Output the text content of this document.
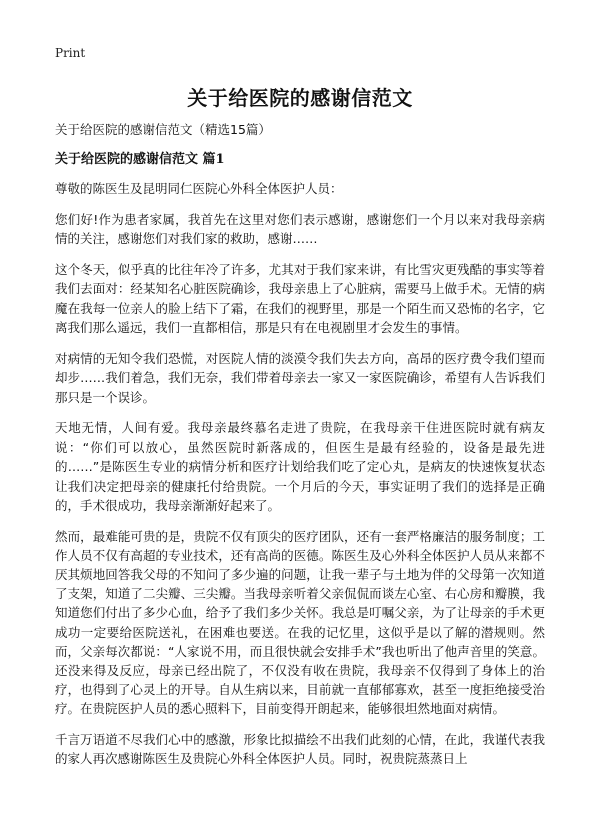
Print
关于给医院的感谢信范文
关于给医院的感谢信范文（精选15篇）
关于给医院的感谢信范文 篇1

尊敬的陈医生及昆明同仁医院心外科全体医护人员：

您们好!作为患者家属，我首先在这里对您们表示感谢，感谢您们一个月以来对我母亲病情的关注，感谢您们对我们家的救助，感谢……

这个冬天，似乎真的比往年冷了许多，尤其对于我们家来讲，有比雪灾更残酷的事实等着我们去面对：经某知名心脏医院确诊，我母亲患上了心脏病，需要马上做手术。无情的病魔在我每一位亲人的脸上结下了霜，在我们的视野里，那是一个陌生而又恐怖的名字，它离我们那么遥远，我们一直都相信，那是只有在电视剧里才会发生的事情。

对病情的无知令我们恐慌，对医院人情的淡漠令我们失去方向，高昂的医疗费令我们望而却步……我们着急，我们无奈，我们带着母亲去一家又一家医院确诊，希望有人告诉我们那只是一个误诊。

天地无情，人间有爱。我母亲最终慕名走进了贵院，在我母亲干住进医院时就有病友说：“你们可以放心，虽然医院时新落成的，但医生是最有经验的，设备是最先进的……”是陈医生专业的病情分析和医疗计划给我们吃了定心丸，是病友的快速恢复状态让我们决定把母亲的健康托付给贵院。一个月后的今天，事实证明了我们的选择是正确的，手术很成功，我母亲渐渐好起来了。

然而，最难能可贵的是，贵院不仅有顶尖的医疗团队，还有一套严格廉洁的服务制度；工作人员不仅有高超的专业技术，还有高尚的医德。陈医生及心外科全体医护人员从来都不厌其烦地回答我父母的不知问了多少遍的问题，让我一辈子与土地为伴的父母第一次知道了支架，知道了二尖瓣、三尖瓣。当我母亲听着父亲侃侃而谈左心室、右心房和瓣膜，我知道您们付出了多少心血，给予了我们多少关怀。我总是叮嘱父亲，为了让母亲的手术更成功一定要给医院送礼，在困难也要送。在我的记忆里，这似乎是以了解的潜规则。然而，父亲每次都说：“人家说不用，而且很快就会安排手术”我也听出了他声音里的笑意。还没来得及反应，母亲已经出院了，不仅没有收在贵院，我母亲不仅得到了身体上的治疗，也得到了心灵上的开导。自从生病以来，目前就一直郁郁寡欢，甚至一度拒绝接受治疗。在贵院医护人员的悉心照料下，目前变得开朗起来，能够很坦然地面对病情。

千言万语道不尽我们心中的感激，形象比拟描绘不出我们此刻的心情，在此，我谨代表我的家人再次感谢陈医生及贵院心外科全体医护人员。同时，祝贵院蒸蒸日上
